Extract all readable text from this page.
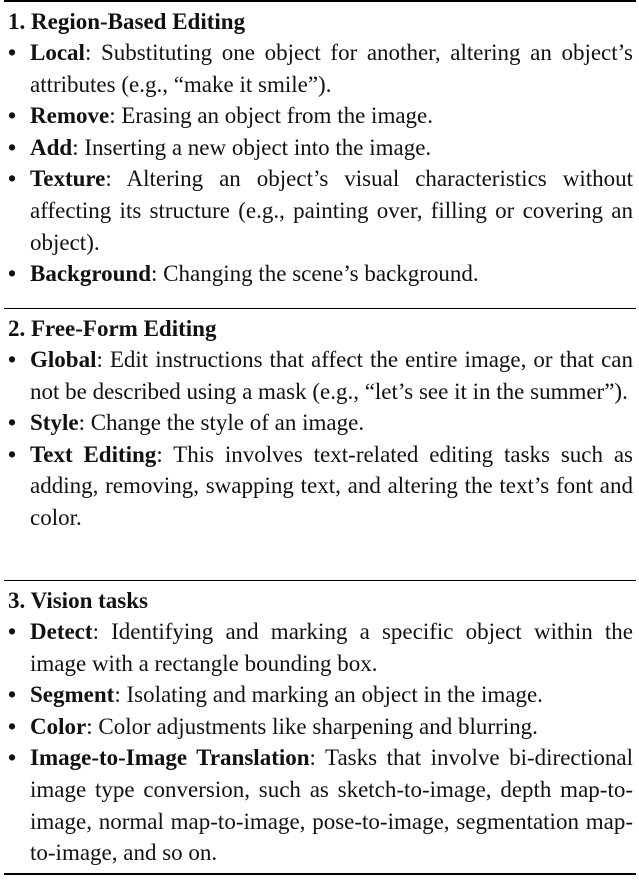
1. Region-Based Editing
• Local: Substituting one object for another, altering an object’s attributes (e.g., “make it smile”).
• Remove: Erasing an object from the image.
• Add: Inserting a new object into the image.
• Texture: Altering an object’s visual characteristics without affecting its structure (e.g., painting over, filling or covering an object).
• Background: Changing the scene’s background.
2. Free-Form Editing
• Global: Edit instructions that affect the entire image, or that can not be described using a mask (e.g., “let’s see it in the summer”).
• Style: Change the style of an image.
• Text Editing: This involves text-related editing tasks such as adding, removing, swapping text, and altering the text’s font and color.
3. Vision tasks
• Detect: Identifying and marking a specific object within the image with a rectangle bounding box.
• Segment: Isolating and marking an object in the image.
• Color: Color adjustments like sharpening and blurring.
• Image-to-Image Translation: Tasks that involve bi-directional image type conversion, such as sketch-to-image, depth map-to-image, normal map-to-image, pose-to-image, segmentation map-to-image, and so on.
